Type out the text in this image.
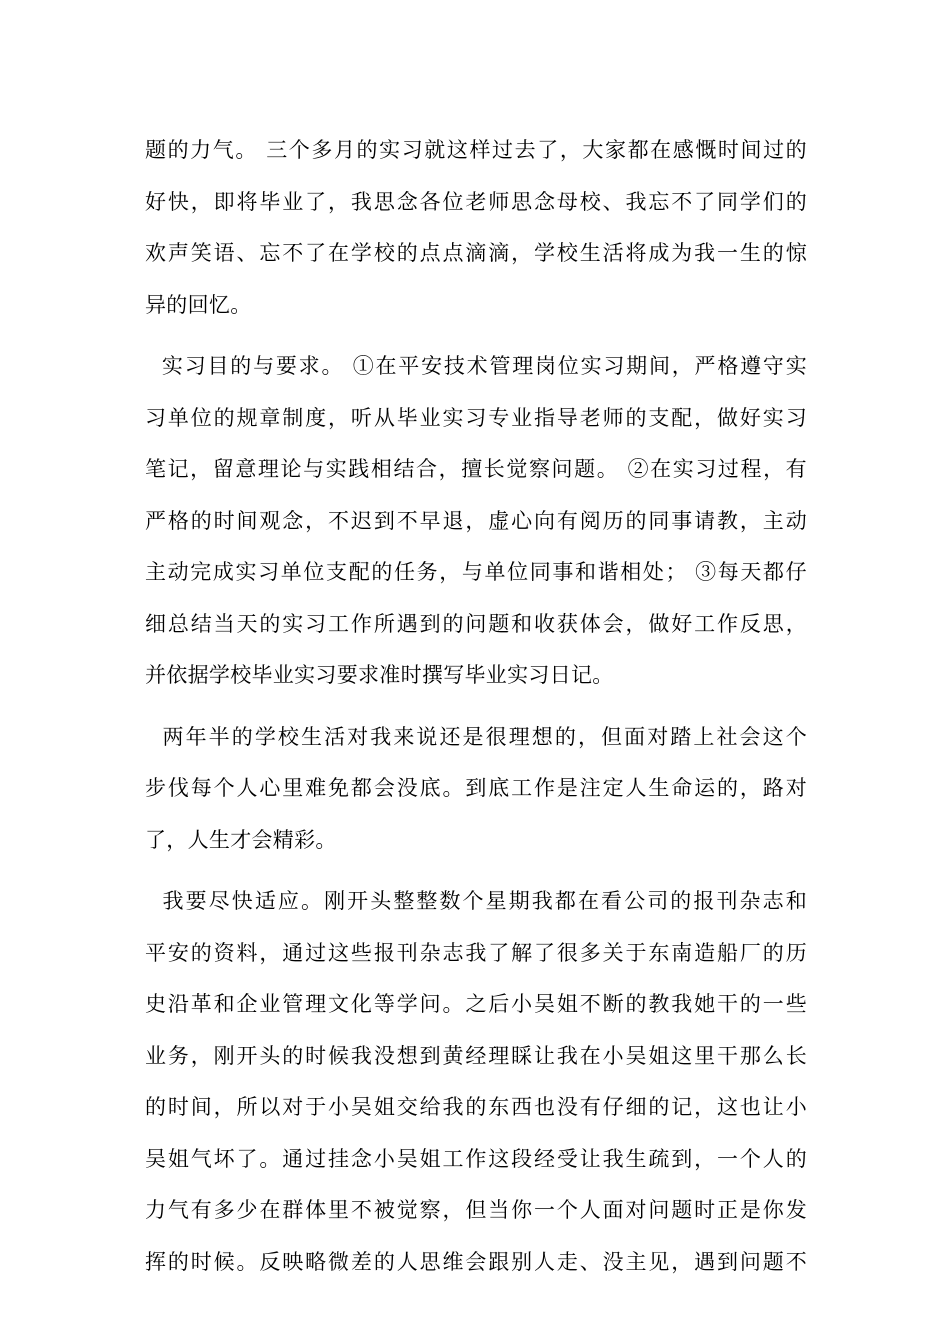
题的力气。 三个多月的实习就这样过去了，大家都在感慨时间过的
好快，即将毕业了，我思念各位老师思念母校、我忘不了同学们的
欢声笑语、忘不了在学校的点点滴滴，学校生活将成为我一生的惊
异的回忆。
实习目的与要求。 ①在平安技术管理岗位实习期间，严格遵守实
习单位的规章制度，听从毕业实习专业指导老师的支配，做好实习
笔记，留意理论与实践相结合，擅长觉察问题。 ②在实习过程，有
严格的时间观念，不迟到不早退，虚心向有阅历的同事请教，主动
主动完成实习单位支配的任务，与单位同事和谐相处； ③每天都仔
细总结当天的实习工作所遇到的问题和收获体会，做好工作反思，
并依据学校毕业实习要求准时撰写毕业实习日记。
两年半的学校生活对我来说还是很理想的，但面对踏上社会这个
步伐每个人心里难免都会没底。到底工作是注定人生命运的，路对
了，人生才会精彩。
我要尽快适应。刚开头整整数个星期我都在看公司的报刊杂志和
平安的资料，通过这些报刊杂志我了解了很多关于东南造船厂的历
史沿革和企业管理文化等学问。之后小吴姐不断的教我她干的一些
业务，刚开头的时候我没想到黄经理睬让我在小吴姐这里干那么长
的时间，所以对于小吴姐交给我的东西也没有仔细的记，这也让小
吴姐气坏了。通过挂念小吴姐工作这段经受让我生疏到，一个人的
力气有多少在群体里不被觉察，但当你一个人面对问题时正是你发
挥的时候。反映略微差的人思维会跟别人走、没主见，遇到问题不
